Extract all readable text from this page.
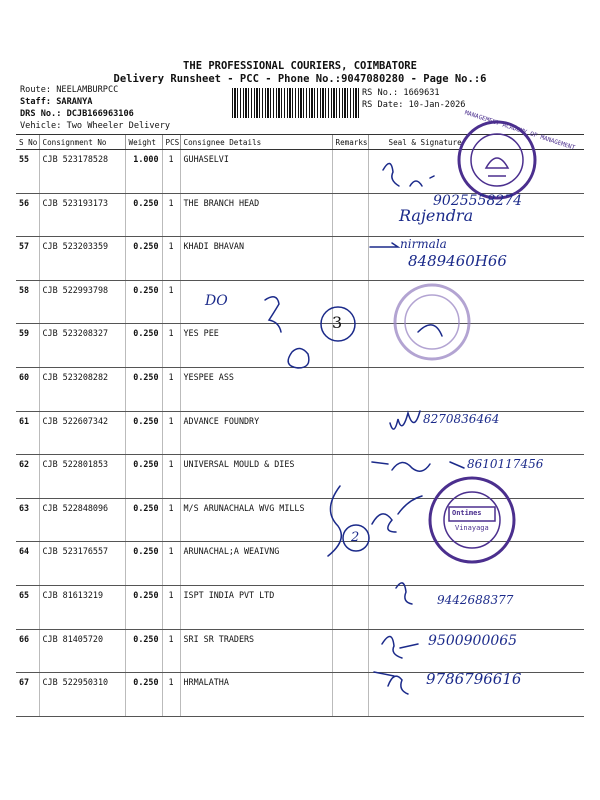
THE PROFESSIONAL COURIERS, COIMBATORE
Delivery Runsheet - PCC - Phone No.:9047080280 - Page No.:6
Route: NEELAMBURPCC
Staff: SARANYA
DRS No.: DCJB166963106
Vehicle: Two Wheeler Delivery
RS No.: 1669631
RS Date: 10-Jan-2026
S No	Consignment No	Weight	PCS	Consignee Details	Remarks	Seal & Signature
55	CJB 523178528	1.000	1	GUHASELVI		
56	CJB 523193173	0.250	1	THE BRANCH HEAD		
57	CJB 523203359	0.250	1	KHADI BHAVAN		
58	CJB 522993798	0.250	1			
59	CJB 523208327	0.250	1	YES PEE		
60	CJB 523208282	0.250	1	YESPEE ASS		
61	CJB 522607342	0.250	1	ADVANCE FOUNDRY		
62	CJB 522801853	0.250	1	UNIVERSAL MOULD & DIES		
63	CJB 522848096	0.250	1	M/S ARUNACHALA WVG MILLS		
64	CJB 523176557	0.250	1	ARUNACHAL;A WEAIVNG		
65	CJB 81613219	0.250	1	ISPT INDIA PVT LTD		
66	CJB 81405720	0.250	1	SRI SR TRADERS		
67	CJB 522950310	0.250	1	HRMALATHA		
MANAGEMENT ACADEMY OF MANAGEMENT
Ontimes
Vinayaga
9025558274
Rajendra
nirmala
8489460H66
DO
3
8270836464
8610117456
2
9442688377
9500900065
9786796616
